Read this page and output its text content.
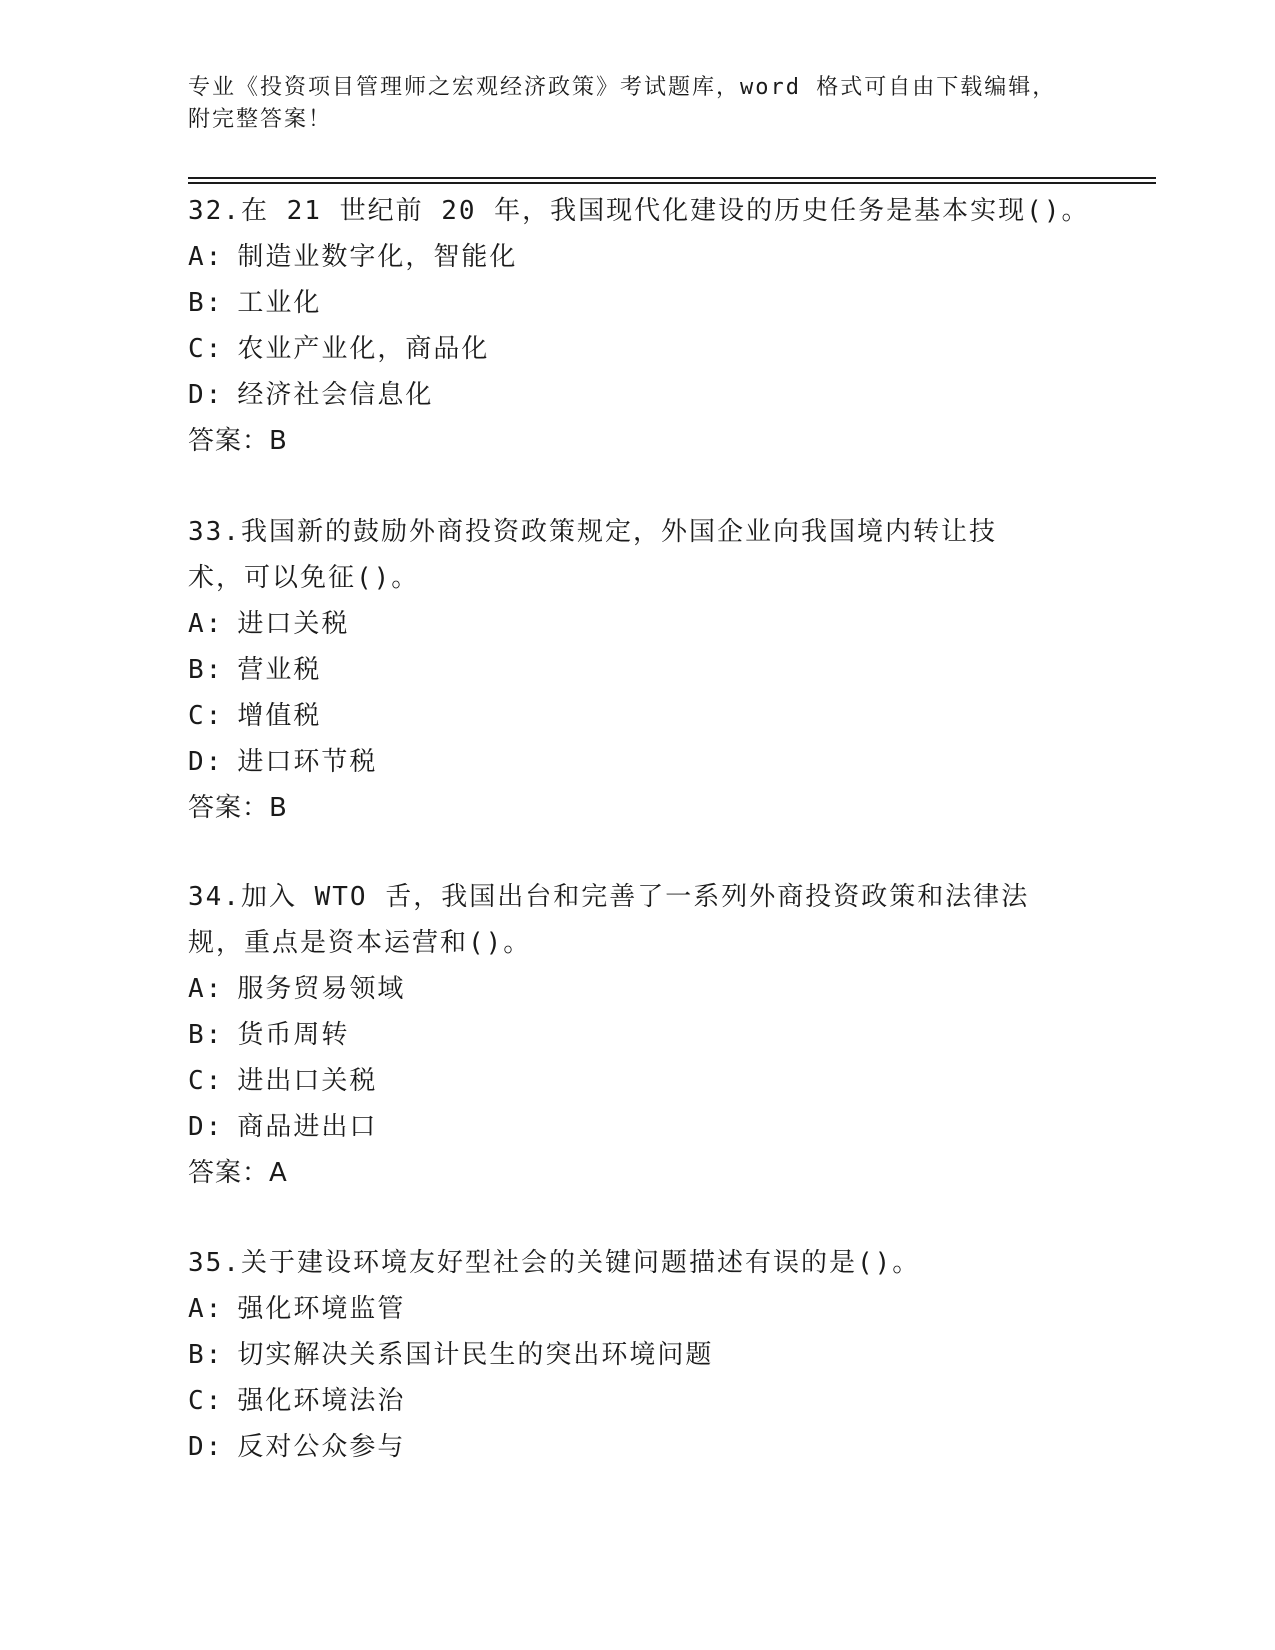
专业《投资项目管理师之宏观经济政策》考试题库，word 格式可自由下载编辑，
附完整答案！
32.在 21 世纪前 20 年，我国现代化建设的历史任务是基本实现()。
A: 制造业数字化，智能化
B: 工业化
C: 农业产业化，商品化
D: 经济社会信息化
答案：B
33.我国新的鼓励外商投资政策规定，外国企业向我国境内转让技术，可以免征()。
A: 进口关税
B: 营业税
C: 增值税
D: 进口环节税
答案：B
34.加入 WTO 舌，我国出台和完善了一系列外商投资政策和法律法规，重点是资本运营和()。
A: 服务贸易领域
B: 货币周转
C: 进出口关税
D: 商品进出口
答案：A
35.关于建设环境友好型社会的关键问题描述有误的是()。
A: 强化环境监管
B: 切实解决关系国计民生的突出环境问题
C: 强化环境法治
D: 反对公众参与
